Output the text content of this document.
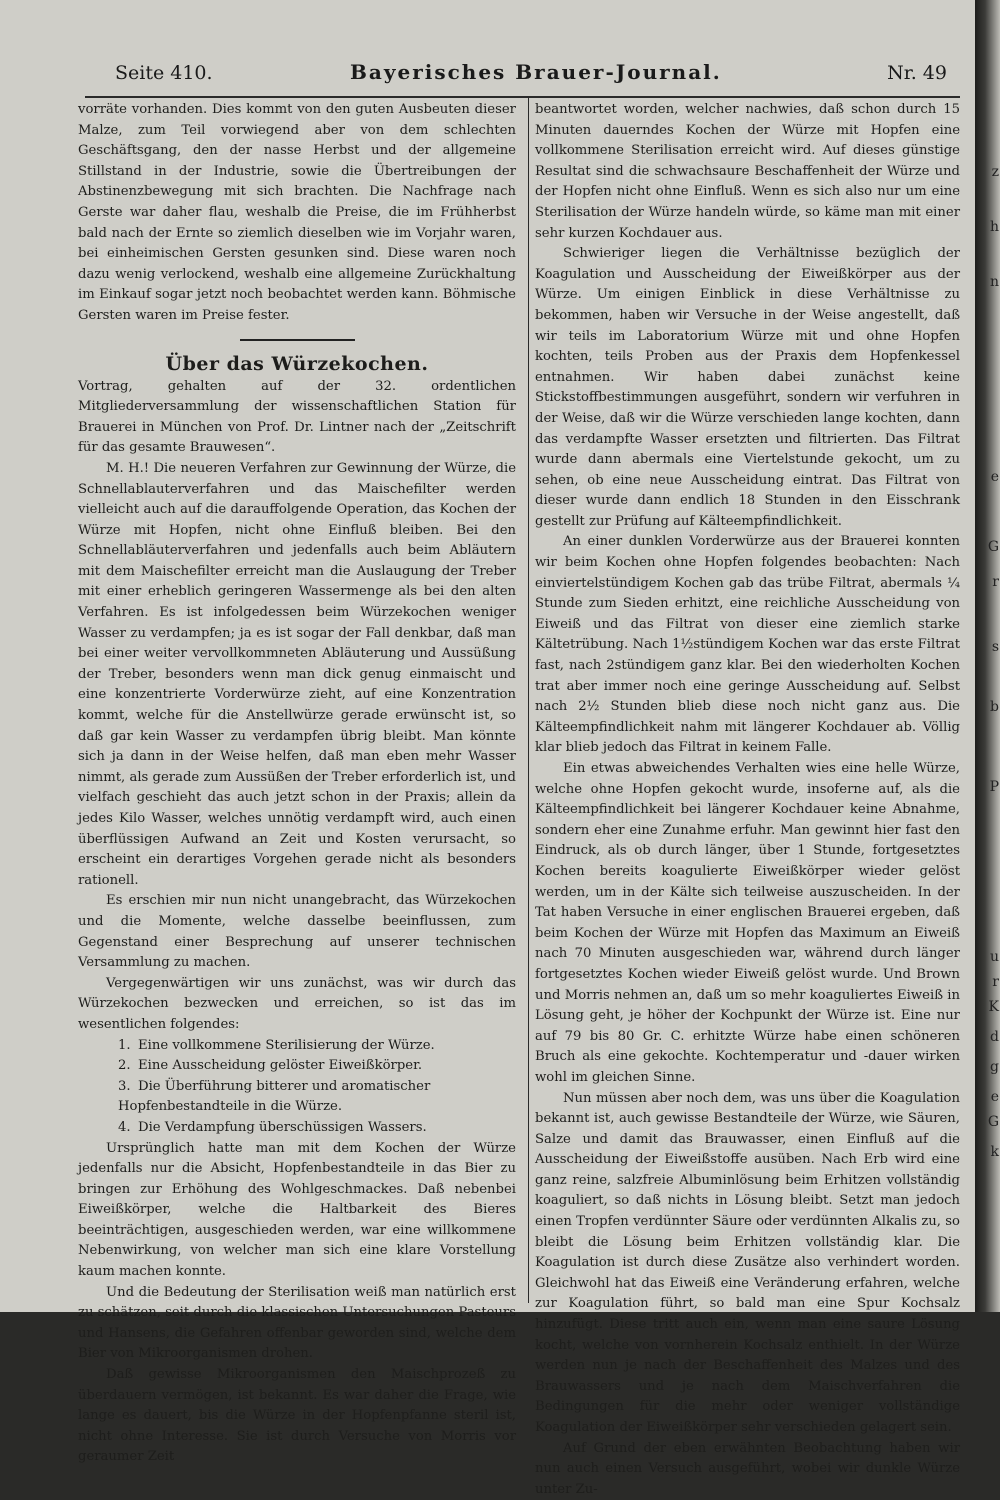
Seite 410.	Bayerisches Brauer-Journal.	Nr. 49

vorräte vorhanden. Dies kommt von den guten Ausbeuten dieser Malze, zum Teil vorwiegend aber von dem schlechten Geschäftsgang, den der nasse Herbst und der allgemeine Stillstand in der Industrie, sowie die Übertreibungen der Abstinenzbewegung mit sich brachten. Die Nachfrage nach Gerste war daher flau, weshalb die Preise, die im Frühherbst bald nach der Ernte so ziemlich dieselben wie im Vorjahr waren, bei einheimischen Gersten gesunken sind. Diese waren noch dazu wenig verlockend, weshalb eine allgemeine Zurückhaltung im Einkauf sogar jetzt noch beobachtet werden kann. Böhmische Gersten waren im Preise fester.

Über das Würzekochen.

Vortrag, gehalten auf der 32. ordentlichen Mitgliederversammlung der wissenschaftlichen Station für Brauerei in München von Prof. Dr. Lintner nach der „Zeitschrift für das gesamte Brauwesen“.

M. H.! Die neueren Verfahren zur Gewinnung der Würze, die Schnellablauterverfahren und das Maischefilter werden vielleicht auch auf die darauffolgende Operation, das Kochen der Würze mit Hopfen, nicht ohne Einfluß bleiben. Bei den Schnellabläuterverfahren und jedenfalls auch beim Abläutern mit dem Maischefilter erreicht man die Auslaugung der Treber mit einer erheblich geringeren Wassermenge als bei den alten Verfahren. Es ist infolgedessen beim Würzekochen weniger Wasser zu verdampfen; ja es ist sogar der Fall denkbar, daß man bei einer weiter vervollkommneten Abläuterung und Aussüßung der Treber, besonders wenn man dick genug einmaischt und eine konzentrierte Vorderwürze zieht, auf eine Konzentration kommt, welche für die Anstellwürze gerade erwünscht ist, so daß gar kein Wasser zu verdampfen übrig bleibt. Man könnte sich ja dann in der Weise helfen, daß man eben mehr Wasser nimmt, als gerade zum Aussüßen der Treber erforderlich ist, und vielfach geschieht das auch jetzt schon in der Praxis; allein da jedes Kilo Wasser, welches unnötig verdampft wird, auch einen überflüssigen Aufwand an Zeit und Kosten verursacht, so erscheint ein derartiges Vorgehen gerade nicht als besonders rationell.

Es erschien mir nun nicht unangebracht, das Würzekochen und die Momente, welche dasselbe beeinflussen, zum Gegenstand einer Besprechung auf unserer technischen Versammlung zu machen.

Vergegenwärtigen wir uns zunächst, was wir durch das Würzekochen bezwecken und erreichen, so ist das im wesentlichen folgendes:

1. Eine vollkommene Sterilisierung der Würze.
2. Eine Ausscheidung gelöster Eiweißkörper.
3. Die Überführung bitterer und aromatischer Hopfenbestandteile in die Würze.
4. Die Verdampfung überschüssigen Wassers.

Ursprünglich hatte man mit dem Kochen der Würze jedenfalls nur die Absicht, Hopfenbestandteile in das Bier zu bringen zur Erhöhung des Wohlgeschmackes. Daß nebenbei Eiweißkörper, welche die Haltbarkeit des Bieres beeinträchtigen, ausgeschieden werden, war eine willkommene Nebenwirkung, von welcher man sich eine klare Vorstellung kaum machen konnte.

Und die Bedeutung der Sterilisation weiß man natürlich erst zu schätzen, seit durch die klassischen Untersuchungen Pasteurs und Hansens, die Gefahren offenbar geworden sind, welche dem Bier von Mikroorganismen drohen.

Daß gewisse Mikroorganismen den Maischprozeß zu überdauern vermögen, ist bekannt. Es war daher die Frage, wie lange es dauert, bis die Würze in der Hopfenpfanne steril ist, nicht ohne Interesse. Sie ist durch Versuche von Morris vor geraumer Zeit

beantwortet worden, welcher nachwies, daß schon durch 15 Minuten dauerndes Kochen der Würze mit Hopfen eine vollkommene Sterilisation erreicht wird. Auf dieses günstige Resultat sind die schwachsaure Beschaffenheit der Würze und der Hopfen nicht ohne Einfluß. Wenn es sich also nur um eine Sterilisation der Würze handeln würde, so käme man mit einer sehr kurzen Kochdauer aus.

Schwieriger liegen die Verhältnisse bezüglich der Koagulation und Ausscheidung der Eiweißkörper aus der Würze. Um einigen Einblick in diese Verhältnisse zu bekommen, haben wir Versuche in der Weise angestellt, daß wir teils im Laboratorium Würze mit und ohne Hopfen kochten, teils Proben aus der Praxis dem Hopfenkessel entnahmen. Wir haben dabei zunächst keine Stickstoffbestimmungen ausgeführt, sondern wir verfuhren in der Weise, daß wir die Würze verschieden lange kochten, dann das verdampfte Wasser ersetzten und filtrierten. Das Filtrat wurde dann abermals eine Viertelstunde gekocht, um zu sehen, ob eine neue Ausscheidung eintrat. Das Filtrat von dieser wurde dann endlich 18 Stunden in den Eisschrank gestellt zur Prüfung auf Kälteempfindlichkeit.

An einer dunklen Vorderwürze aus der Brauerei konnten wir beim Kochen ohne Hopfen folgendes beobachten: Nach einviertelstündigem Kochen gab das trübe Filtrat, abermals ¼ Stunde zum Sieden erhitzt, eine reichliche Ausscheidung von Eiweiß und das Filtrat von dieser eine ziemlich starke Kältetrübung. Nach 1½stündigem Kochen war das erste Filtrat fast, nach 2stündigem ganz klar. Bei den wiederholten Kochen trat aber immer noch eine geringe Ausscheidung auf. Selbst nach 2½ Stunden blieb diese noch nicht ganz aus. Die Kälteempfindlichkeit nahm mit längerer Kochdauer ab. Völlig klar blieb jedoch das Filtrat in keinem Falle.

Ein etwas abweichendes Verhalten wies eine helle Würze, welche ohne Hopfen gekocht wurde, insoferne auf, als die Kälteempfindlichkeit bei längerer Kochdauer keine Abnahme, sondern eher eine Zunahme erfuhr. Man gewinnt hier fast den Eindruck, als ob durch länger, über 1 Stunde, fortgesetztes Kochen bereits koagulierte Eiweißkörper wieder gelöst werden, um in der Kälte sich teilweise auszuscheiden. In der Tat haben Versuche in einer englischen Brauerei ergeben, daß beim Kochen der Würze mit Hopfen das Maximum an Eiweiß nach 70 Minuten ausgeschieden war, während durch länger fortgesetztes Kochen wieder Eiweiß gelöst wurde. Und Brown und Morris nehmen an, daß um so mehr koaguliertes Eiweiß in Lösung geht, je höher der Kochpunkt der Würze ist. Eine nur auf 79 bis 80 Gr. C. erhitzte Würze habe einen schöneren Bruch als eine gekochte. Kochtemperatur und -dauer wirken wohl im gleichen Sinne.

Nun müssen aber noch dem, was uns über die Koagulation bekannt ist, auch gewisse Bestandteile der Würze, wie Säuren, Salze und damit das Brauwasser, einen Einfluß auf die Ausscheidung der Eiweißstoffe ausüben. Nach Erb wird eine ganz reine, salzfreie Albuminlösung beim Erhitzen vollständig koaguliert, so daß nichts in Lösung bleibt. Setzt man jedoch einen Tropfen verdünnter Säure oder verdünnten Alkalis zu, so bleibt die Lösung beim Erhitzen vollständig klar. Die Koagulation ist durch diese Zusätze also verhindert worden. Gleichwohl hat das Eiweiß eine Veränderung erfahren, welche zur Koagulation führt, so bald man eine Spur Kochsalz hinzufügt. Diese tritt auch ein, wenn man eine saure Lösung kocht, welche von vornherein Kochsalz enthielt. In der Würze werden nun je nach der Beschaffenheit des Malzes und des Brauwassers und je nach dem Maischverfahren die Bedingungen für die mehr oder weniger vollständige Koagulation der Eiweißkörper sehr verschieden gelagert sein.

Auf Grund der eben erwähnten Beobachtung haben wir nun auch einen Versuch ausgeführt, wobei wir dunkle Würze unter Zu-

z
h
n
e
G
r
s
b
P
u
r
K
d
g
e
G
k
